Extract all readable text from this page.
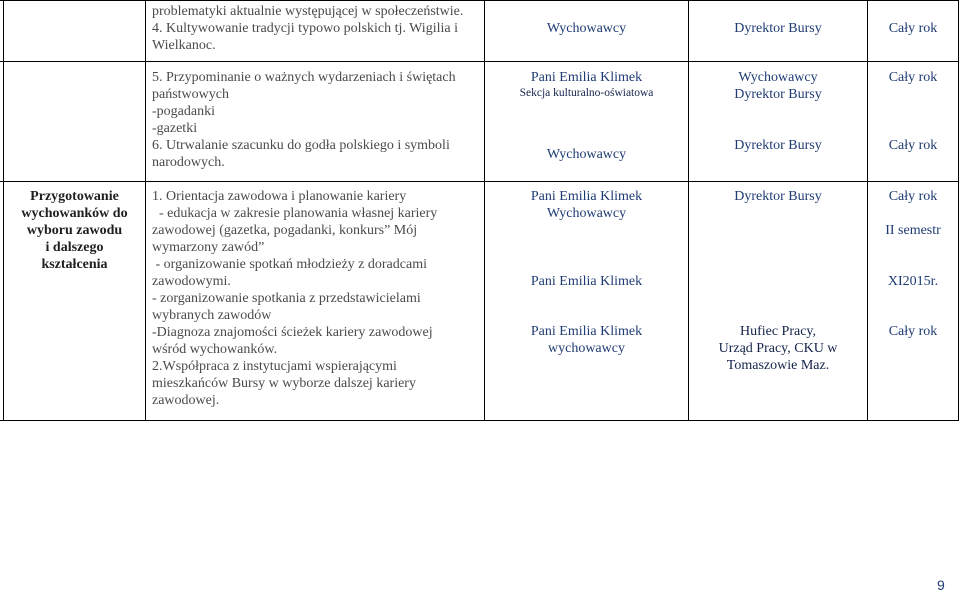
problematyki aktualnie występującej w społeczeństwie.
4. Kultywowanie tradycji typowo polskich tj. Wigilia i
Wielkanoc.
Wychowawcy	Dyrektor Bursy	Cały rok
5. Przypominanie o ważnych wydarzeniach i świętach
państwowych
-pogadanki
-gazetki
6. Utrwalanie szacunku do godła polskiego i symboli
narodowych.
Pani Emilia Klimek
Sekcja kulturalno-oświatowa
Wychowawcy
Wychowawcy
Dyrektor Bursy
Dyrektor Bursy
Cały rok
Cały rok
Przygotowanie
wychowanków do
wyboru zawodu
i dalszego
kształcenia
1. Orientacja zawodowa i planowanie kariery
- edukacja w zakresie planowania własnej kariery
zawodowej (gazetka, pogadanki, konkurs” Mój
wymarzony zawód”
- organizowanie spotkań młodzieży z doradcami
zawodowymi.
- zorganizowanie spotkania z przedstawicielami
wybranych zawodów
-Diagnoza znajomości ścieżek kariery zawodowej
wśród wychowanków.
2.Współpraca z instytucjami wspierającymi
mieszkańców Bursy w wyborze dalszej kariery
zawodowej.
Pani Emilia Klimek
Wychowawcy
Pani Emilia Klimek
Pani Emilia Klimek
wychowawcy
Dyrektor Bursy
Hufiec Pracy,
Urząd Pracy, CKU w
Tomaszowie Maz.
Cały rok
II semestr
XI2015r.
Cały rok
9
